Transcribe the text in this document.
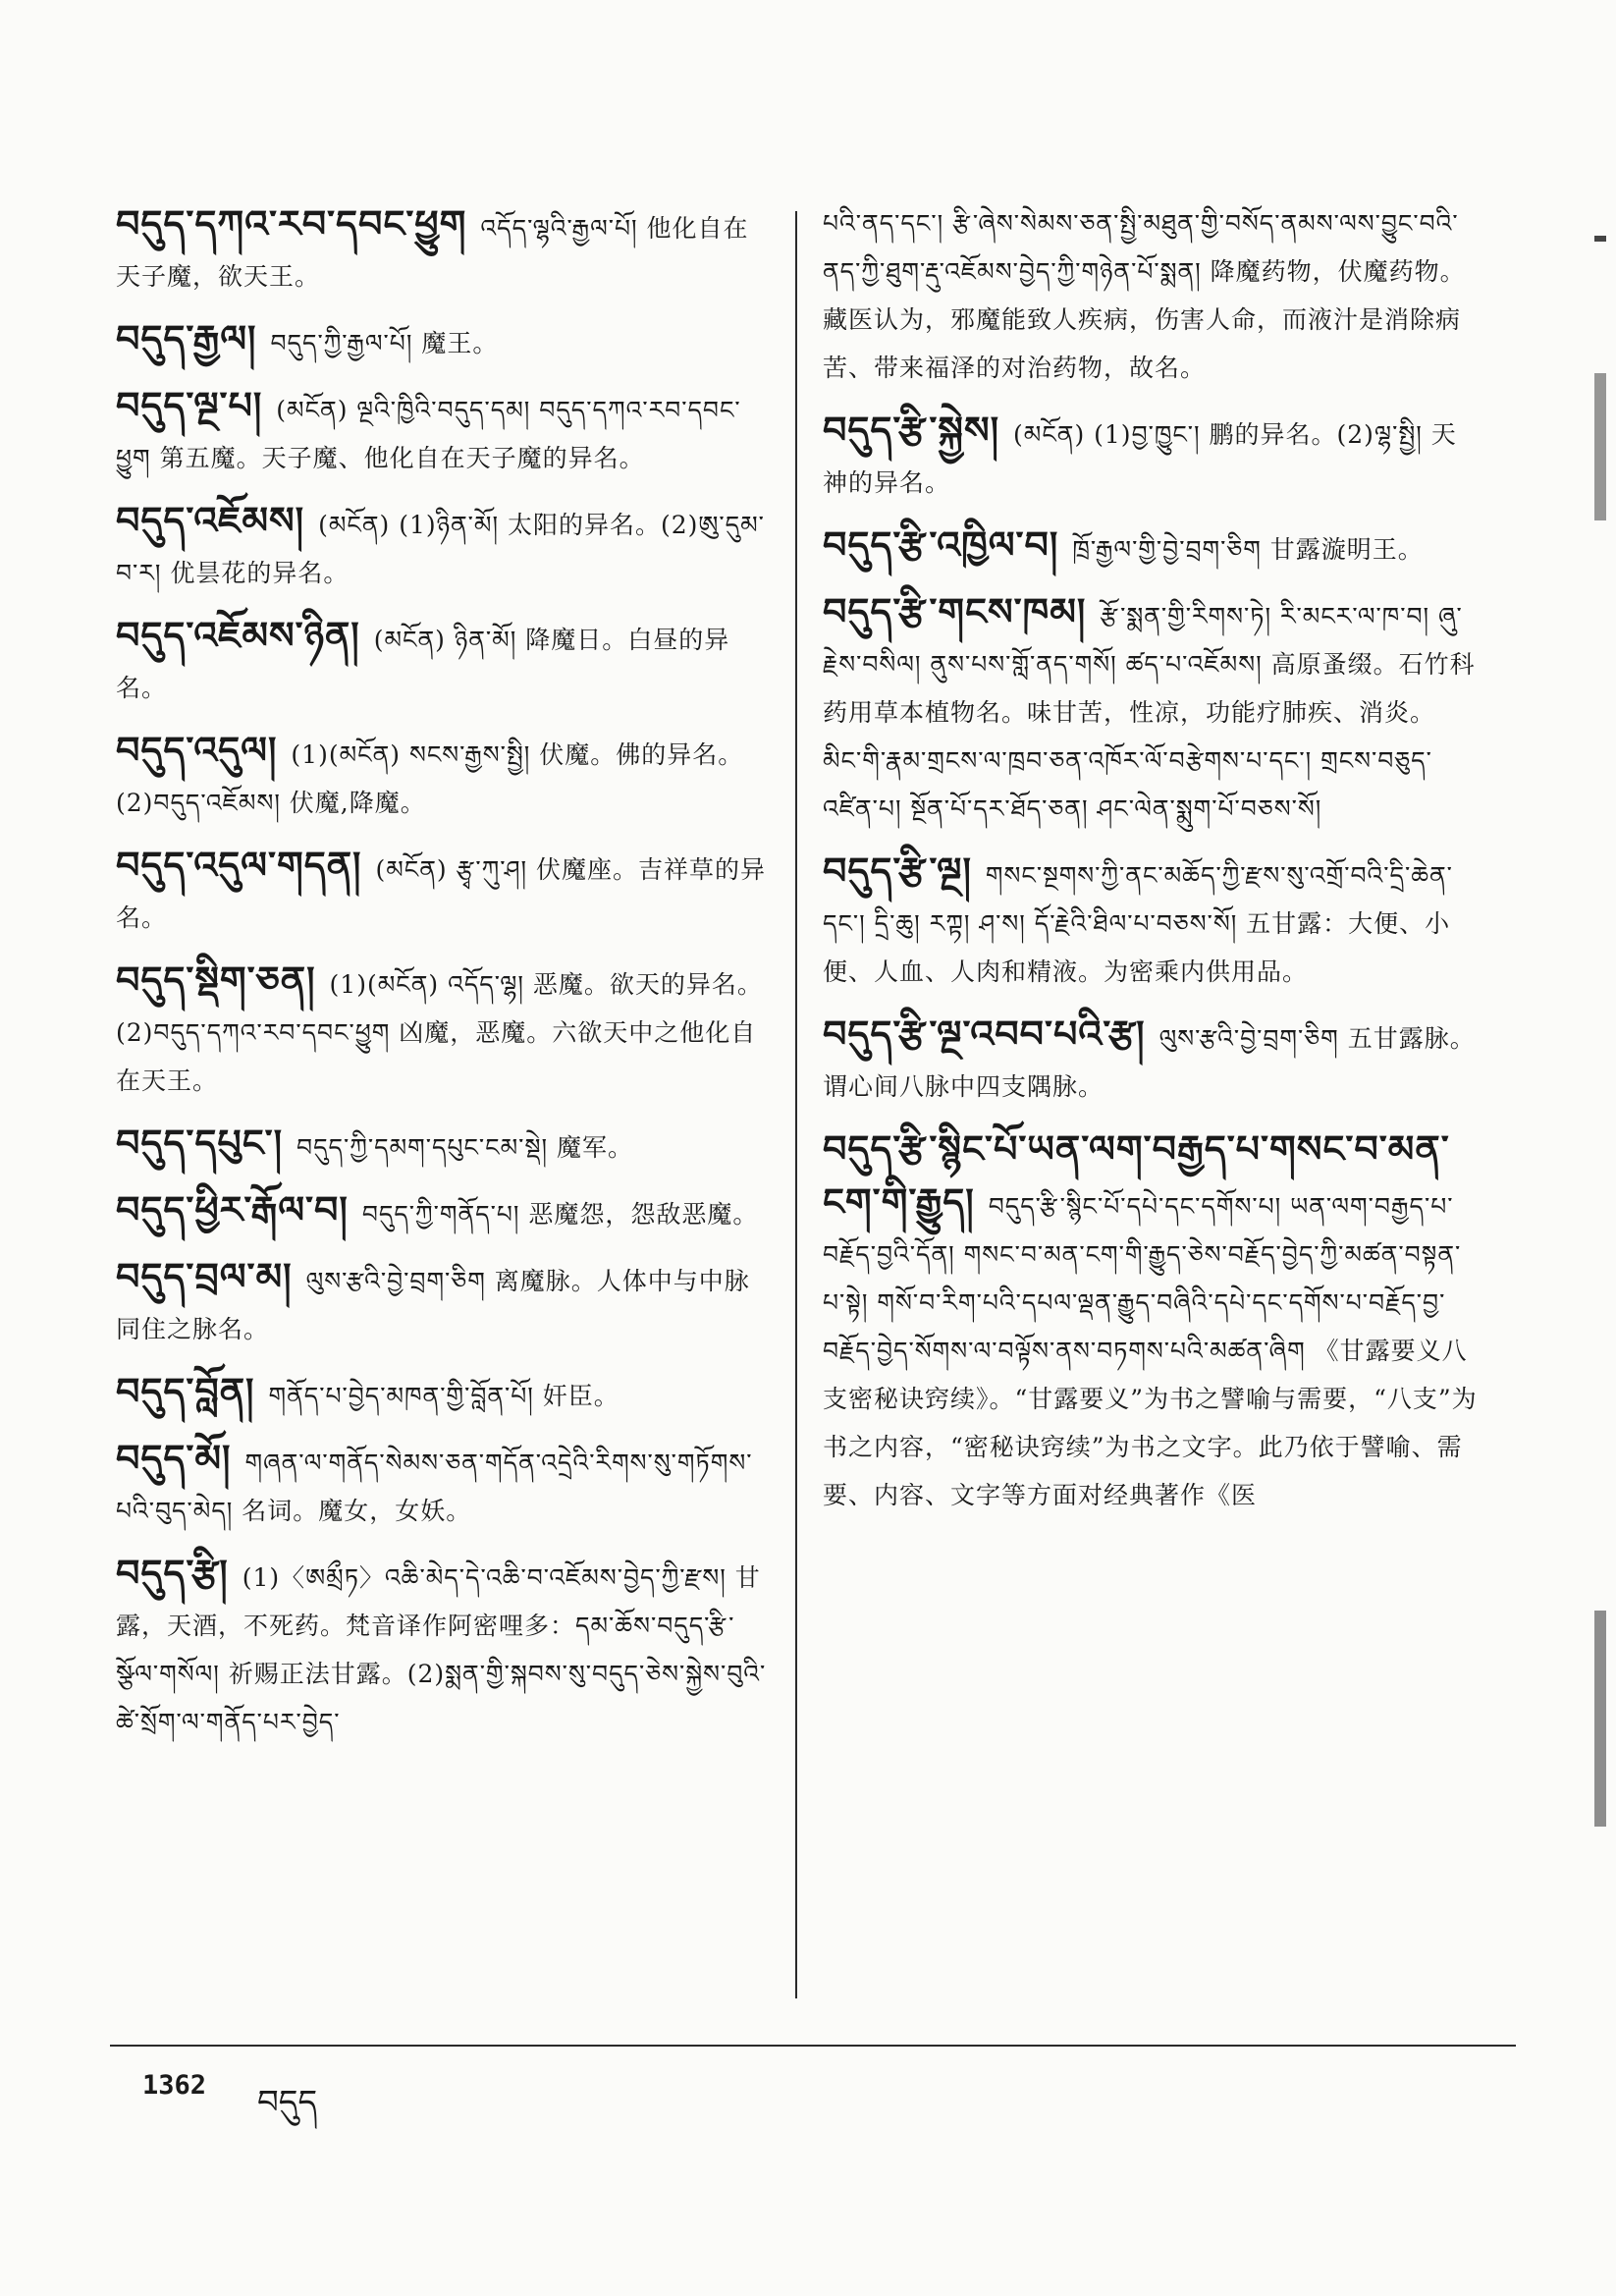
བདུད་དཀའ་རབ་དབང་ཕྱུག འདོད་ལྷའི་རྒྱལ་པོ། 他化自在天子魔，欲天王。
བདུད་རྒྱལ། བདུད་ཀྱི་རྒྱལ་པོ། 魔王。
བདུད་ལྔ་པ། (མངོན) ལྔའི་ཁྱིའི་བདུད་དམ། བདུད་དཀའ་རབ་དབང་ཕྱུག 第五魔。天子魔、他化自在天子魔的异名。
བདུད་འཇོམས། (མངོན) (1)ཉིན་མོ། 太阳的异名。(2)ཨུ་དུམ་བ་ར། 优昙花的异名。
བདུད་འཇོམས་ཉིན། (མངོན) ཉིན་མོ། 降魔日。白昼的异名。
བདུད་འདུལ། (1)(མངོན) སངས་རྒྱས་སྤྱི། 伏魔。佛的异名。(2)བདུད་འཇོམས། 伏魔,降魔。
བདུད་འདུལ་གདན། (མངོན) རྩྭ་ཀུ་ཤ། 伏魔座。吉祥草的异名。
བདུད་སྡིག་ཅན། (1)(མངོན) འདོད་ལྷ། 恶魔。欲天的异名。(2)བདུད་དཀའ་རབ་དབང་ཕྱུག 凶魔，恶魔。六欲天中之他化自在天王。
བདུད་དཔུང་། བདུད་ཀྱི་དམག་དཔུང་ངམ་སྡེ། 魔军。
བདུད་ཕྱིར་རྒོལ་བ། བདུད་ཀྱི་གནོད་པ། 恶魔怨，怨敌恶魔。
བདུད་བྲལ་མ། ལུས་རྩའི་བྱེ་བྲག་ཅིག 离魔脉。人体中与中脉同住之脉名。
བདུད་བློན། གནོད་པ་བྱེད་མཁན་གྱི་བློན་པོ། 奸臣。
བདུད་མོ། གཞན་ལ་གནོད་སེམས་ཅན་གདོན་འདྲེའི་རིགས་སུ་གཏོགས་པའི་བུད་མེད། 名词。魔女，女妖。
བདུད་རྩི། (1)〈ཨམྲྀཏ〉འཆི་མེད་དེ་འཆི་བ་འཇོམས་བྱེད་ཀྱི་རྫས། 甘露，天酒，不死药。梵音译作阿密哩多：དམ་ཆོས་བདུད་རྩི་སྩོལ་གསོལ། 祈赐正法甘露。(2)སྨན་གྱི་སྐབས་སུ་བདུད་ཅེས་སྐྱེས་བུའི་ཚེ་སྲོག་ལ་གནོད་པར་བྱེད་
པའི་ནད་དང་། རྩི་ཞེས་སེམས་ཅན་སྤྱི་མཐུན་གྱི་བསོད་ནམས་ལས་བྱུང་བའི་ནད་ཀྱི་ཐུག་རྡུ་འཇོམས་བྱེད་ཀྱི་གཉེན་པོ་སྨན། 降魔药物，伏魔药物。藏医认为，邪魔能致人疾病，伤害人命，而液汁是消除病苦、带来福泽的对治药物，故名。
བདུད་རྩི་སྐྱེས། (མངོན) (1)བྱ་ཁྱུང་། 鹏的异名。(2)ལྷ་སྤྱི། 天神的异名。
བདུད་རྩི་འཁྱིལ་བ། ཁྲོ་རྒྱལ་གྱི་བྱེ་བྲག་ཅིག 甘露漩明王。
བདུད་རྩི་གངས་ཁམ། རྩོ་སྨན་གྱི་རིགས་ཏེ། རི་མངར་ལ་ཁ་བ། ཞུ་རྗེས་བསིལ། ནུས་པས་གློ་ནད་གསོ། ཚད་པ་འཇོམས། 高原蚤缀。石竹科药用草本植物名。味甘苦，性凉，功能疗肺疾、消炎。 མིང་གི་རྣམ་གྲངས་ལ་ཁྲབ་ཅན་འཁོར་ལོ་བརྩེགས་པ་དང་། གྲངས་བཅུད་འཛིན་པ། སྔོན་པོ་དར་ཐོད་ཅན། ཤང་ལེན་སྨུག་པོ་བཅས་སོ།
བདུད་རྩི་ལྔ། གསང་སྔགས་ཀྱི་ནང་མཆོད་ཀྱི་རྫས་སུ་འགྲོ་བའི་དྲི་ཆེན་དང་། དྲི་ཆུ། རཀྟ། ཤ་ས། དོ་རྗེའི་ཐིལ་པ་བཅས་སོ། 五甘露：大便、小便、人血、人肉和精液。为密乘内供用品。
བདུད་རྩི་ལྔ་འབབ་པའི་རྩ། ལུས་རྩའི་བྱེ་བྲག་ཅིག 五甘露脉。谓心间八脉中四支隅脉。
བདུད་རྩི་སྙིང་པོ་ཡན་ལག་བརྒྱད་པ་གསང་བ་མན་ངག་གི་རྒྱུད། བདུད་རྩི་སྙིང་པོ་དཔེ་དང་དགོས་པ། ཡན་ལག་བརྒྱད་པ་བརྗོད་བྱའི་དོན། གསང་བ་མན་ངག་གི་རྒྱུད་ཅེས་བརྗོད་བྱེད་ཀྱི་མཚན་བསྟན་པ་སྟེ། གསོ་བ་རིག་པའི་དཔལ་ལྡན་རྒྱུད་བཞིའི་དཔེ་དང་དགོས་པ་བརྗོད་བྱ་བརྗོད་བྱེད་སོགས་ལ་བལྟོས་ནས་བཏགས་པའི་མཚན་ཞིག 《甘露要义八支密秘诀窍续》。“甘露要义”为书之譬喻与需要，“八支”为书之内容，“密秘诀窍续”为书之文字。此乃依于譬喻、需要、内容、文字等方面对经典著作《医
1362 བདུད
